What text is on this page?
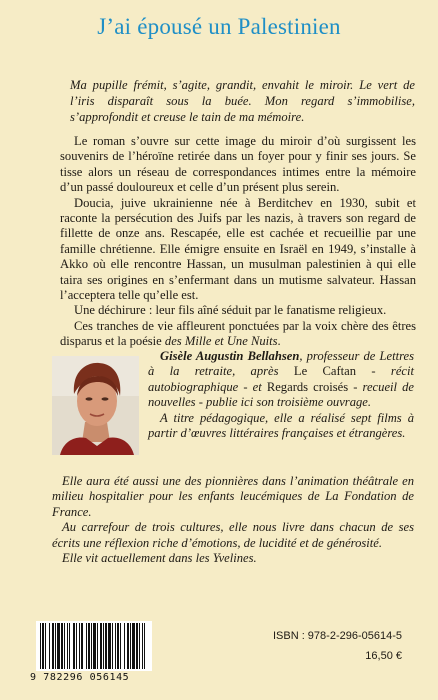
J’ai épousé un Palestinien
Ma pupille frémit, s’agite, grandit, envahit le miroir. Le vert de l’iris disparaît sous la buée. Mon regard s’immobilise, s’approfondit et creuse le tain de ma mémoire.

Le roman s’ouvre sur cette image du miroir d’où surgissent les souvenirs de l’héroïne retirée dans un foyer pour y finir ses jours. Se tisse alors un réseau de correspondances intimes entre la mémoire d’un passé douloureux et celle d’un présent plus serein.

Doucia, juive ukrainienne née à Berditchev en 1930, subit et raconte la persécution des Juifs par les nazis, à travers son regard de fillette de onze ans. Rescapée, elle est cachée et recueillie par une famille chrétienne. Elle émigre ensuite en Israël en 1949, s’installe à Akko où elle rencontre Hassan, un musulman palestinien à qui elle taira ses origines en s’enfermant dans un mutisme salvateur. Hassan l’acceptera telle qu’elle est.

Une déchirure : leur fils aîné séduit par le fanatisme religieux.

Ces tranches de vie affleurent ponctuées par la voix chère des êtres disparus et la poésie des Mille et Une Nuits.

Gisèle Augustin Bellahsen, professeur de Lettres à la retraite, après Le Caftan - récit autobiographique - et Regards croisés - recueil de nouvelles - publie ici son troisième ouvrage.

A titre pédagogique, elle a réalisé sept films à partir d’œuvres littéraires françaises et étrangères.

Elle aura été aussi une des pionnières dans l’animation théâtrale en milieu hospitalier pour les enfants leucémiques de La Fondation de France.

Au carrefour de trois cultures, elle nous livre dans chacun de ses écrits une réflexion riche d’émotions, de lucidité et de générosité.

Elle vit actuellement dans les Yvelines.

9 782296 056145
ISBN : 978-2-296-05614-5
16,50 €
